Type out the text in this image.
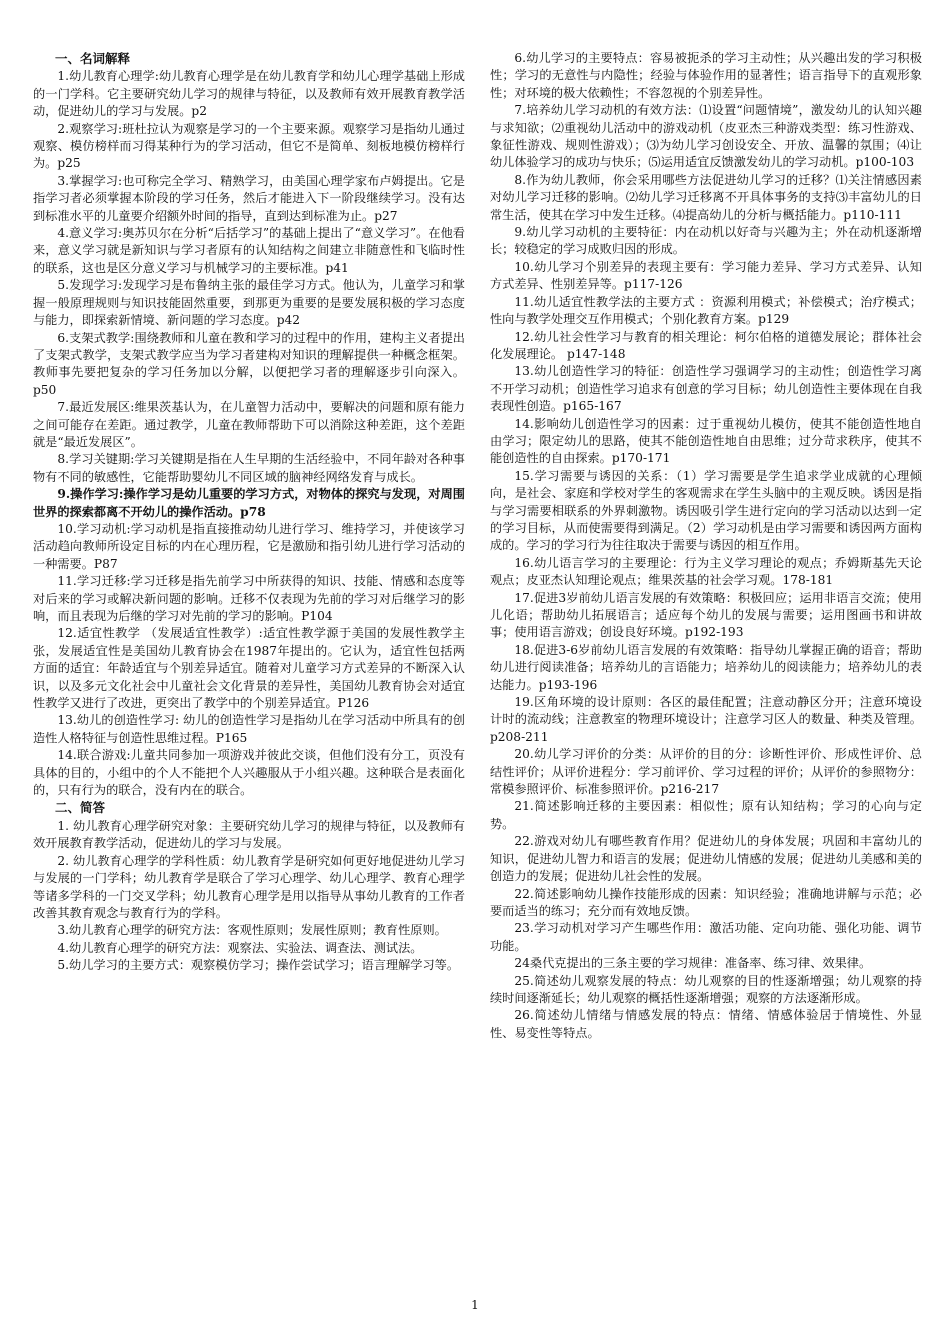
一、名词解释

1.幼儿教育心理学:幼儿教育心理学是在幼儿教育学和幼儿心理学基础上形成的一门学科。它主要研究幼儿学习的规律与特征，以及教师有效开展教育教学活动，促进幼儿的学习与发展。p2

2.观察学习:班杜拉认为观察是学习的一个主要来源。观察学习是指幼儿通过观察、模仿榜样而习得某种行为的学习活动，但它不是简单、刻板地模仿榜样行为。p25

3.掌握学习:也可称完全学习、精熟学习，由美国心理学家布卢姆提出。它是指学习者必须掌握本阶段的学习任务，然后才能进入下一阶段继续学习。没有达到标准水平的儿童要介绍额外时间的指导，直到达到标准为止。p27

4.意义学习:奥苏贝尔在分析“后括学习”的基础上提出了“意义学习”。在他看来，意义学习就是新知识与学习者原有的认知结构之间建立非随意性和飞临时性的联系，这也是区分意义学习与机械学习的主要标准。p41

5.发现学习:发现学习是布鲁纳主张的最佳学习方式。他认为，儿童学习和掌握一般原理规则与知识技能固然重要，到那更为重要的是要发展积极的学习态度与能力，即探索新情境、新问题的学习态度。p42

6.支架式教学:围绕教师和儿童在教和学习的过程中的作用，建构主义者提出了支架式教学，支架式教学应当为学习者建构对知识的理解提供一种概念框架。教师事先要把复杂的学习任务加以分解，以便把学习者的理解逐步引向深入。p50

7.最近发展区:维果茨基认为，在儿童智力活动中，要解决的问题和原有能力之间可能存在差距。通过教学，儿童在教师帮助下可以消除这种差距，这个差距就是“最近发展区”。

8.学习关键期:学习关键期是指在人生早期的生活经验中，不同年龄对各种事物有不同的敏感性，它能帮助婴幼儿不同区域的脑神经网络发育与成长。

9.操作学习:操作学习是幼儿重要的学习方式，对物体的探究与发现，对周围世界的探索都离不开幼儿的操作活动。p78

10.学习动机:学习动机是指直接推动幼儿进行学习、维持学习，并使该学习活动趋向教师所设定目标的内在心理历程，它是激励和指引幼儿进行学习活动的一种需要。P87

11.学习迁移:学习迁移是指先前学习中所获得的知识、技能、情感和态度等对后来的学习或解决新问题的影响。迁移不仅表现为先前的学习对后继学习的影响，而且表现为后继的学习对先前的学习的影响。P104

12.适宜性教学 （发展适宜性教学）:适宜性教学源于美国的发展性教学主张，发展适宜性是美国幼儿教育协会在1987年提出的。它认为，适宜性包括两方面的适宜：年龄适宜与个别差异适宜。随着对儿童学习方式差异的不断深入认识，以及多元文化社会中儿童社会文化背景的差异性，美国幼儿教育协会对适宜性教学又进行了改进，更突出了教学中的个别差异适宜。P126

13.幼儿的创造性学习: 幼儿的创造性学习是指幼儿在学习活动中所具有的创造性人格特征与创造性思维过程。P165

14.联合游戏:儿童共同参加一项游戏并彼此交谈，但他们没有分工，页没有具体的目的，小组中的个人不能把个人兴趣服从于小组兴趣。这种联合是表面化的，只有行为的联合，没有内在的联合。

二、简答

1. 幼儿教育心理学研究对象：主要研究幼儿学习的规律与特征，以及教师有效开展教育教学活动，促进幼儿的学习与发展。

2. 幼儿教育心理学的学科性质：幼儿教育学是研究如何更好地促进幼儿学习与发展的一门学科；幼儿教育学是联合了学习心理学、幼儿心理学、教育心理学等诸多学科的一门交叉学科；幼儿教育心理学是用以指导从事幼儿教育的工作者改善其教育观念与教育行为的学科。

3.幼儿教育心理学的研究方法：客观性原则；发展性原则；教育性原则。

4.幼儿教育心理学的研究方法：观察法、实验法、调查法、测试法。

5.幼儿学习的主要方式：观察模仿学习；操作尝试学习；语言理解学习等。

6.幼儿学习的主要特点：容易被扼杀的学习主动性；从兴趣出发的学习积极性；学习的无意性与内隐性；经验与体验作用的显著性；语言指导下的直观形象性；对环境的极大依赖性；不容忽视的个别差异性。

7.培养幼儿学习动机的有效方法：⑴设置“问题情境”，激发幼儿的认知兴趣与求知欲；⑵重视幼儿活动中的游戏动机（皮亚杰三种游戏类型：练习性游戏、象征性游戏、规则性游戏）；⑶为幼儿学习创设安全、开放、温馨的氛围；⑷让幼儿体验学习的成功与快乐；⑸运用适宜反馈激发幼儿的学习动机。p100-103

8.作为幼儿教师，你会采用哪些方法促进幼儿学习的迁移？⑴关注情感因素对幼儿学习迁移的影响。⑵幼儿学习迁移离不开具体事务的支持⑶丰富幼儿的日常生活，使其在学习中发生迁移。⑷提高幼儿的分析与概括能力。p110-111

9.幼儿学习动机的主要特征：内在动机以好奇与兴趣为主；外在动机逐渐增长；较稳定的学习成败归因的形成。

10.幼儿学习个别差异的表现主要有：学习能力差异、学习方式差异、认知方式差异、性别差异等。p117-126

11.幼儿适宜性教学法的主要方式 ：资源利用模式；补偿模式；治疗模式；性向与教学处理交互作用模式；个别化教育方案。p129

12.幼儿社会性学习与教育的相关理论：柯尔伯格的道德发展论；群体社会化发展理论。 p147-148

13.幼儿创造性学习的特征：创造性学习强调学习的主动性；创造性学习离不开学习动机；创造性学习追求有创意的学习目标；幼儿创造性主要体现在自我表现性创造。p165-167

14.影响幼儿创造性学习的因素：过于重视幼儿模仿，使其不能创造性地自由学习；限定幼儿的思路，使其不能创造性地自由思维；过分苛求秩序，使其不能创造性的自由探索。p170-171

15.学习需要与诱因的关系：（1）学习需要是学生追求学业成就的心理倾向，是社会、家庭和学校对学生的客观需求在学生头脑中的主观反映。诱因是指与学习需要相联系的外界刺激物。诱因吸引学生进行定向的学习活动以达到一定的学习目标，从而使需要得到满足。（2）学习动机是由学习需要和诱因两方面构成的。学习的学习行为往往取决于需要与诱因的相互作用。

16.幼儿语言学习的主要理论：行为主义学习理论的观点；乔姆斯基先天论观点；皮亚杰认知理论观点；维果茨基的社会学习观。178-181

17.促进3岁前幼儿语言发展的有效策略：积极回应；运用非语言交流；使用儿化语；帮助幼儿拓展语言；适应每个幼儿的发展与需要；运用图画书和讲故事；使用语言游戏；创设良好环境。p192-193

18.促进3-6岁前幼儿语言发展的有效策略：指导幼儿掌握正确的语音；帮助幼儿进行阅读准备；培养幼儿的言语能力；培养幼儿的阅读能力；培养幼儿的表达能力。p193-196

19.区角环境的设计原则：各区的最佳配置；注意动静区分开；注意环境设计时的流动线；注意教室的物理环境设计；注意学习区人的数量、种类及管理。p208-211

20.幼儿学习评价的分类：从评价的目的分：诊断性评价、形成性评价、总结性评价；从评价进程分：学习前评价、学习过程的评价；从评价的参照物分：常模参照评价、标准参照评价。p216-217

21.简述影响迁移的主要因素：相似性；原有认知结构；学习的心向与定势。

22.游戏对幼儿有哪些教育作用？促进幼儿的身体发展；巩固和丰富幼儿的知识，促进幼儿智力和语言的发展；促进幼儿情感的发展；促进幼儿美感和美的创造力的发展；促进幼儿社会性的发展。

22.简述影响幼儿操作技能形成的因素：知识经验；准确地讲解与示范；必要而适当的练习；充分而有效地反馈。

23.学习动机对学习产生哪些作用：激活功能、定向功能、强化功能、调节功能。

24桑代克提出的三条主要的学习规律：准备率、练习律、效果律。

25.简述幼儿观察发展的特点：幼儿观察的目的性逐渐增强；幼儿观察的持续时间逐渐延长；幼儿观察的概括性逐渐增强；观察的方法逐渐形成。

26.简述幼儿情绪与情感发展的特点：情绪、情感体验居于情境性、外显性、易变性等特点。

1
